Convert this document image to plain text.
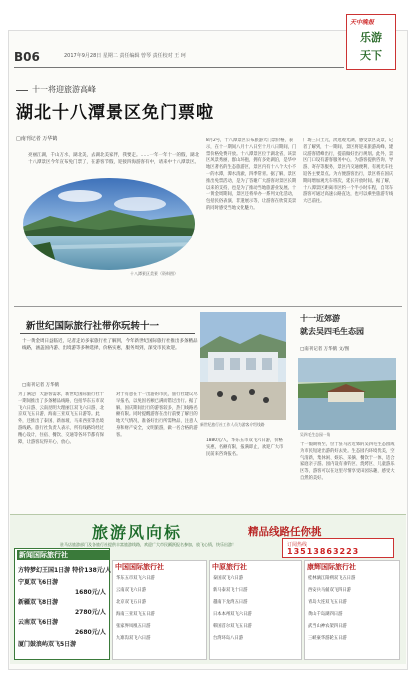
B06	2017年9月28日 星期二 责任编辑 曾琴 责任校对 王 珂
天中晚报
乐游
天下
十一将迎旅游高峰
湖北十八潭景区免门票啦
□南刊记者 万华鹤
亮丽江湖，千山万水，湖北美，去湖北美家伴，我要走。……一年一年十一的假，湖北十八潭景区今年宣布免门票了，在游客节假，迎接四海游客有中，请来中十八潭景区。
十八潭景区美景（资料图）
8月2号，十八潭景区公布旅游大门票价格，表示，在十一期间八月十八日至十月八日期间，门票价格免费开放。十八潭景区位于湖北省，该景区风景秀丽，群山环抱，拥有多处湖泊，是华中地区著名的生态旅游区，景区内有十八个大小不一的水潭，潭水清澈，四季常青。据了解，景区推出免票活动，是为了答谢广大游客对景区长期以来的支持，也是为了推动当地旅游业发展。十一黄金周期间，景区还将举办一系列文化活动，包括民俗表演、非遗展示等，让游客在欣赏美景的同时感受当地文化魅力。
广场三日土元，淡逛观光湖，感受景区美景，记者了解到，十一期间，景区将迎来旅游高峰，建议游客错峰出行，提前做好出行规划。此外，景区门口设有游客服务中心，为游客提供咨询、导游、寄存等服务，景区内交通便利，有观光车往返各主要景点。为方便游客出行，景区将在国庆期间增加观光车班次，延长开放时间。据了解，十八潭景区距离市区约一个半小时车程，自驾车游客可通过高速公路直达，也可以乘坐旅游专线大巴前往。
新世纪国际旅行社带你玩转十一
十一黄金周日益临近，记者走访多家旅行社了解到，今年新世纪国际旅行社推出多条精品线路，涵盖国内游、出境游等多种选择，价格实惠，服务周到，深受市民欢迎。
□南刊记者 万华鹤
为了满足广大游客需求，新世纪国际旅行社十一期间推出了多条精品线路，包括华东五市双飞六日游、云南昆明大理丽江双飞六日游、北京双飞五日游、海南三亚双飞五日游等。此外，还推出了泰国、新加坡、马来西亚等出境游线路。旅行社负责人表示，所有线路均经过精心设计，住宿、餐饮、交通等各环节都有保障，让游客玩得开心、放心。
对于有意在十一出游的市民，旅行社建议尽早报名，以免因名额已满而错过出行。据了解，国庆期间出行的游客较多，热门线路名额有限。同时提醒游客在出行前要了解目的地天气情况，准备好出行所需物品，注意人身和财产安全，文明旅游，做一名合格的游客。
新世纪旅行社工作人员为游客介绍线路
1880元/人，华东五市双飞六日游，价格实惠，名额有限，报满即止，欢迎广大市民前来咨询报名。
十一近郊游
就去吴四毛生态园
□南刊记者 万华鹤 文/图
吴四毛生态园一角
十一假期将至，位于驻马店近郊的吴四毛生态园成为市民短途出游的好去处。生态园内环境优美，空气清新，集休闲、娱乐、采摘、餐饮于一体，适合家庭亲子游。园内设有垂钓区、烧烤区、儿童游乐区等，游客可以在这里尽情享受田园乐趣，感受大自然的美好。
旅游风向标	精品线路任你挑
驻马店旅游部门及各旅行社提供丰富旅游线路，欢迎广大市民踊跃报名参加，放飞心情，快乐出游！	订阅热线
13513863223
新闻国际旅行社
方特梦幻王国1日游 特价138元/人
宁夏双飞6日游
1680元/人
新疆双飞8日游
2780元/人
云南双飞6日游
2680元/人
厦门鼓浪屿双飞5日游
中国国际旅行社
华东五市双飞六日游
云南双飞六日游
北京双飞五日游
海南三亚双飞五日游
张家界凤凰五日游
九寨沟双飞六日游
中原旅行社
泰国双飞六日游
新马泰双飞十日游
越南下龙湾五日游
日本本州双飞六日游
韩国首尔双飞五日游
台湾环岛八日游
康辉国际旅行社
桂林漓江阳朔双飞五日游
西安兵马俑双飞四日游
青岛大连双飞五日游
黄山千岛湖四日游
武当山神农架四日游
三峡豪华游轮五日游
